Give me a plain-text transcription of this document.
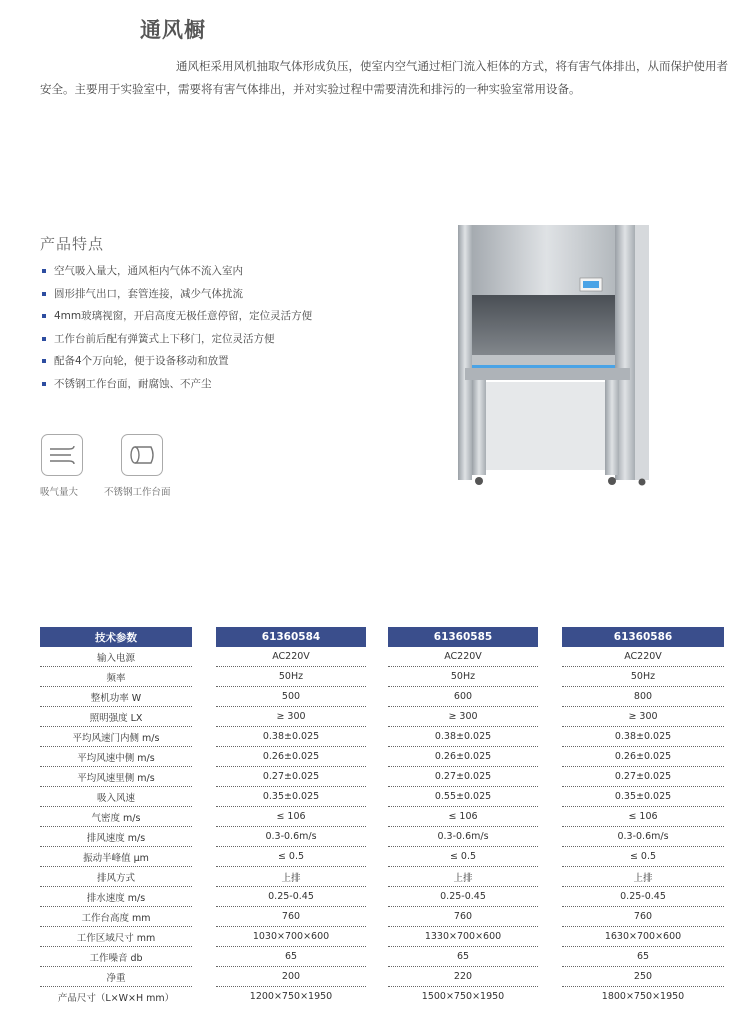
通风橱

通风柜采用风机抽取气体形成负压，使室内空气通过柜门流入柜体的方式，将有害气体排出，从而保护使用者安全。主要用于实验室中，需要将有害气体排出，并对实验过程中需要清洗和排污的一种实验室常用设备。

产品特点
空气吸入量大，通风柜内气体不流入室内
圆形排气出口，套管连接，减少气体扰流
4mm玻璃视窗，开启高度无极任意停留，定位灵活方便
工作台前后配有弹簧式上下移门，定位灵活方便
配备4个万向轮，便于设备移动和放置
不锈钢工作台面，耐腐蚀、不产尘
吸气量大	不锈钢工作台面
技术参数		61360584		61360585		61360586
输入电源		AC220V		AC220V		AC220V
频率		50Hz		50Hz		50Hz
整机功率 W		500		600		800
照明强度 LX		≥ 300		≥ 300		≥ 300
平均风速门内侧 m/s		0.38±0.025		0.38±0.025		0.38±0.025
平均风速中侧 m/s		0.26±0.025		0.26±0.025		0.26±0.025
平均风速里侧 m/s		0.27±0.025		0.27±0.025		0.27±0.025
吸入风速		0.35±0.025		0.55±0.025		0.35±0.025
气密度 m/s		≤ 106		≤ 106		≤ 106
排风速度 m/s		0.3-0.6m/s		0.3-0.6m/s		0.3-0.6m/s
振动半峰值 μm		≤ 0.5		≤ 0.5		≤ 0.5
排风方式		上排		上排		上排
排水速度 m/s		0.25-0.45		0.25-0.45		0.25-0.45
工作台高度 mm		760		760		760
工作区域尺寸 mm		1030×700×600		1330×700×600		1630×700×600
工作噪音 db		65		65		65
净重		200		220		250
产品尺寸（L×W×H mm）		1200×750×1950		1500×750×1950		1800×750×1950
